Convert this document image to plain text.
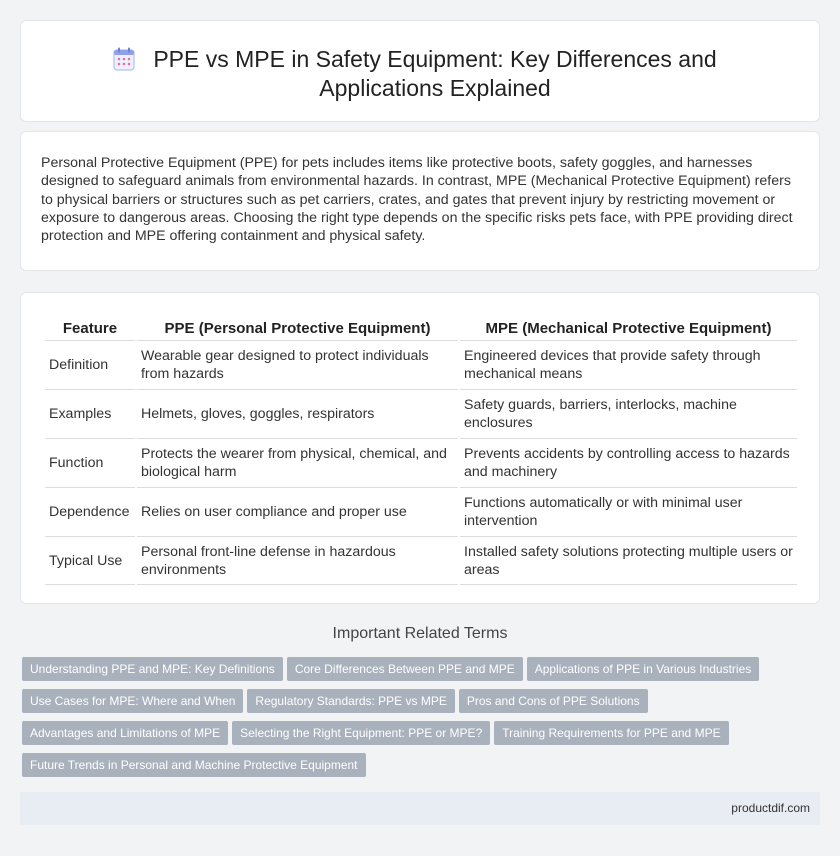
PPE vs MPE in Safety Equipment: Key Differences and Applications Explained

Personal Protective Equipment (PPE) for pets includes items like protective boots, safety goggles, and harnesses designed to safeguard animals from environmental hazards. In contrast, MPE (Mechanical Protective Equipment) refers to physical barriers or structures such as pet carriers, crates, and gates that prevent injury by restricting movement or exposure to dangerous areas. Choosing the right type depends on the specific risks pets face, with PPE providing direct protection and MPE offering containment and physical safety.

Feature	PPE (Personal Protective Equipment)	MPE (Mechanical Protective Equipment)
Definition	Wearable gear designed to protect individuals from hazards	Engineered devices that provide safety through mechanical means
Examples	Helmets, gloves, goggles, respirators	Safety guards, barriers, interlocks, machine enclosures
Function	Protects the wearer from physical, chemical, and biological harm	Prevents accidents by controlling access to hazards and machinery
Dependence	Relies on user compliance and proper use	Functions automatically or with minimal user intervention
Typical Use	Personal front-line defense in hazardous environments	Installed safety solutions protecting multiple users or areas
Important Related Terms
Understanding PPE and MPE: Key Definitions Core Differences Between PPE and MPE Applications of PPE in Various Industries
Use Cases for MPE: Where and When Regulatory Standards: PPE vs MPE Pros and Cons of PPE Solutions
Advantages and Limitations of MPE Selecting the Right Equipment: PPE or MPE? Training Requirements for PPE and MPE
Future Trends in Personal and Machine Protective Equipment
productdif.com
